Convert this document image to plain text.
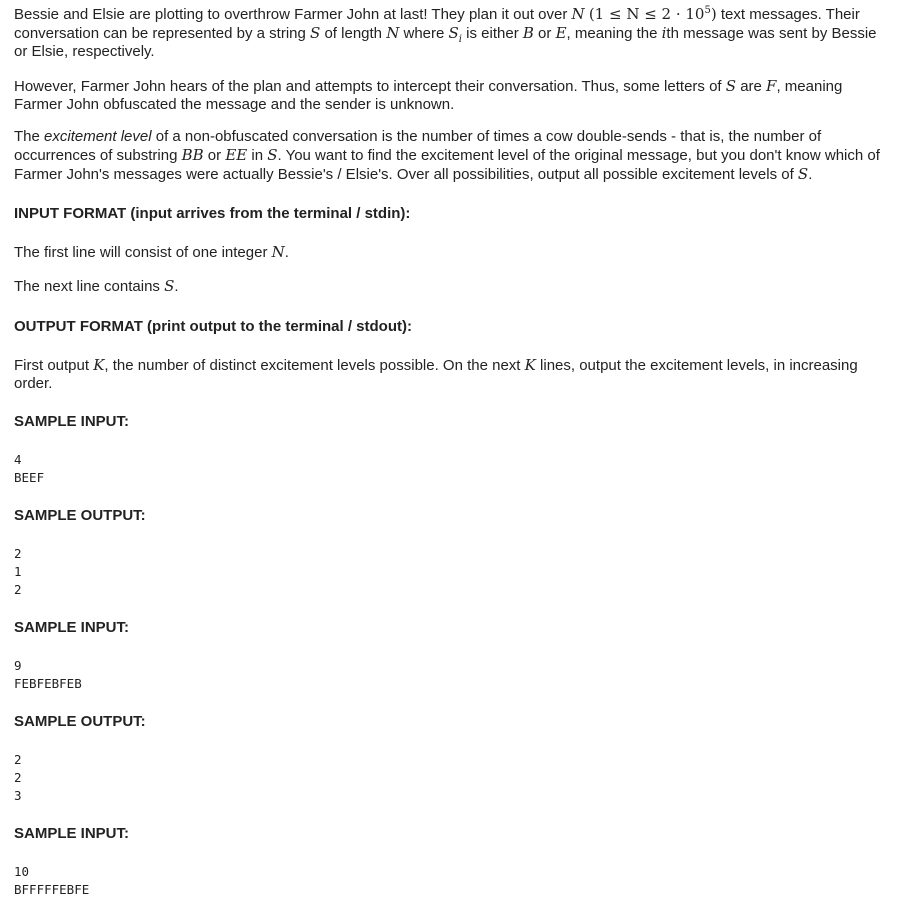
Bessie and Elsie are plotting to overthrow Farmer John at last! They plan it out over N $(1 \le N \le 2 \cdot 10^5)$ text messages. Their conversation can be represented by a string S of length N where $S_i$ is either B or E, meaning the ith message was sent by Bessie or Elsie, respectively.

However, Farmer John hears of the plan and attempts to intercept their conversation. Thus, some letters of S are F, meaning Farmer John obfuscated the message and the sender is unknown.

The excitement level of a non-obfuscated conversation is the number of times a cow double-sends - that is, the number of occurrences of substring BB or EE in S. You want to find the excitement level of the original message, but you don't know which of Farmer John's messages were actually Bessie's / Elsie's. Over all possibilities, output all possible excitement levels of S.

INPUT FORMAT (input arrives from the terminal / stdin):

The first line will consist of one integer N.

The next line contains S.

OUTPUT FORMAT (print output to the terminal / stdout):

First output K, the number of distinct excitement levels possible. On the next K lines, output the excitement levels, in increasing order.

SAMPLE INPUT:
4
BEEF
SAMPLE OUTPUT:
2
1
2
SAMPLE INPUT:
9
FEBFEBFEB
SAMPLE OUTPUT:
2
2
3
SAMPLE INPUT:
10
BFFFFFEBFE
